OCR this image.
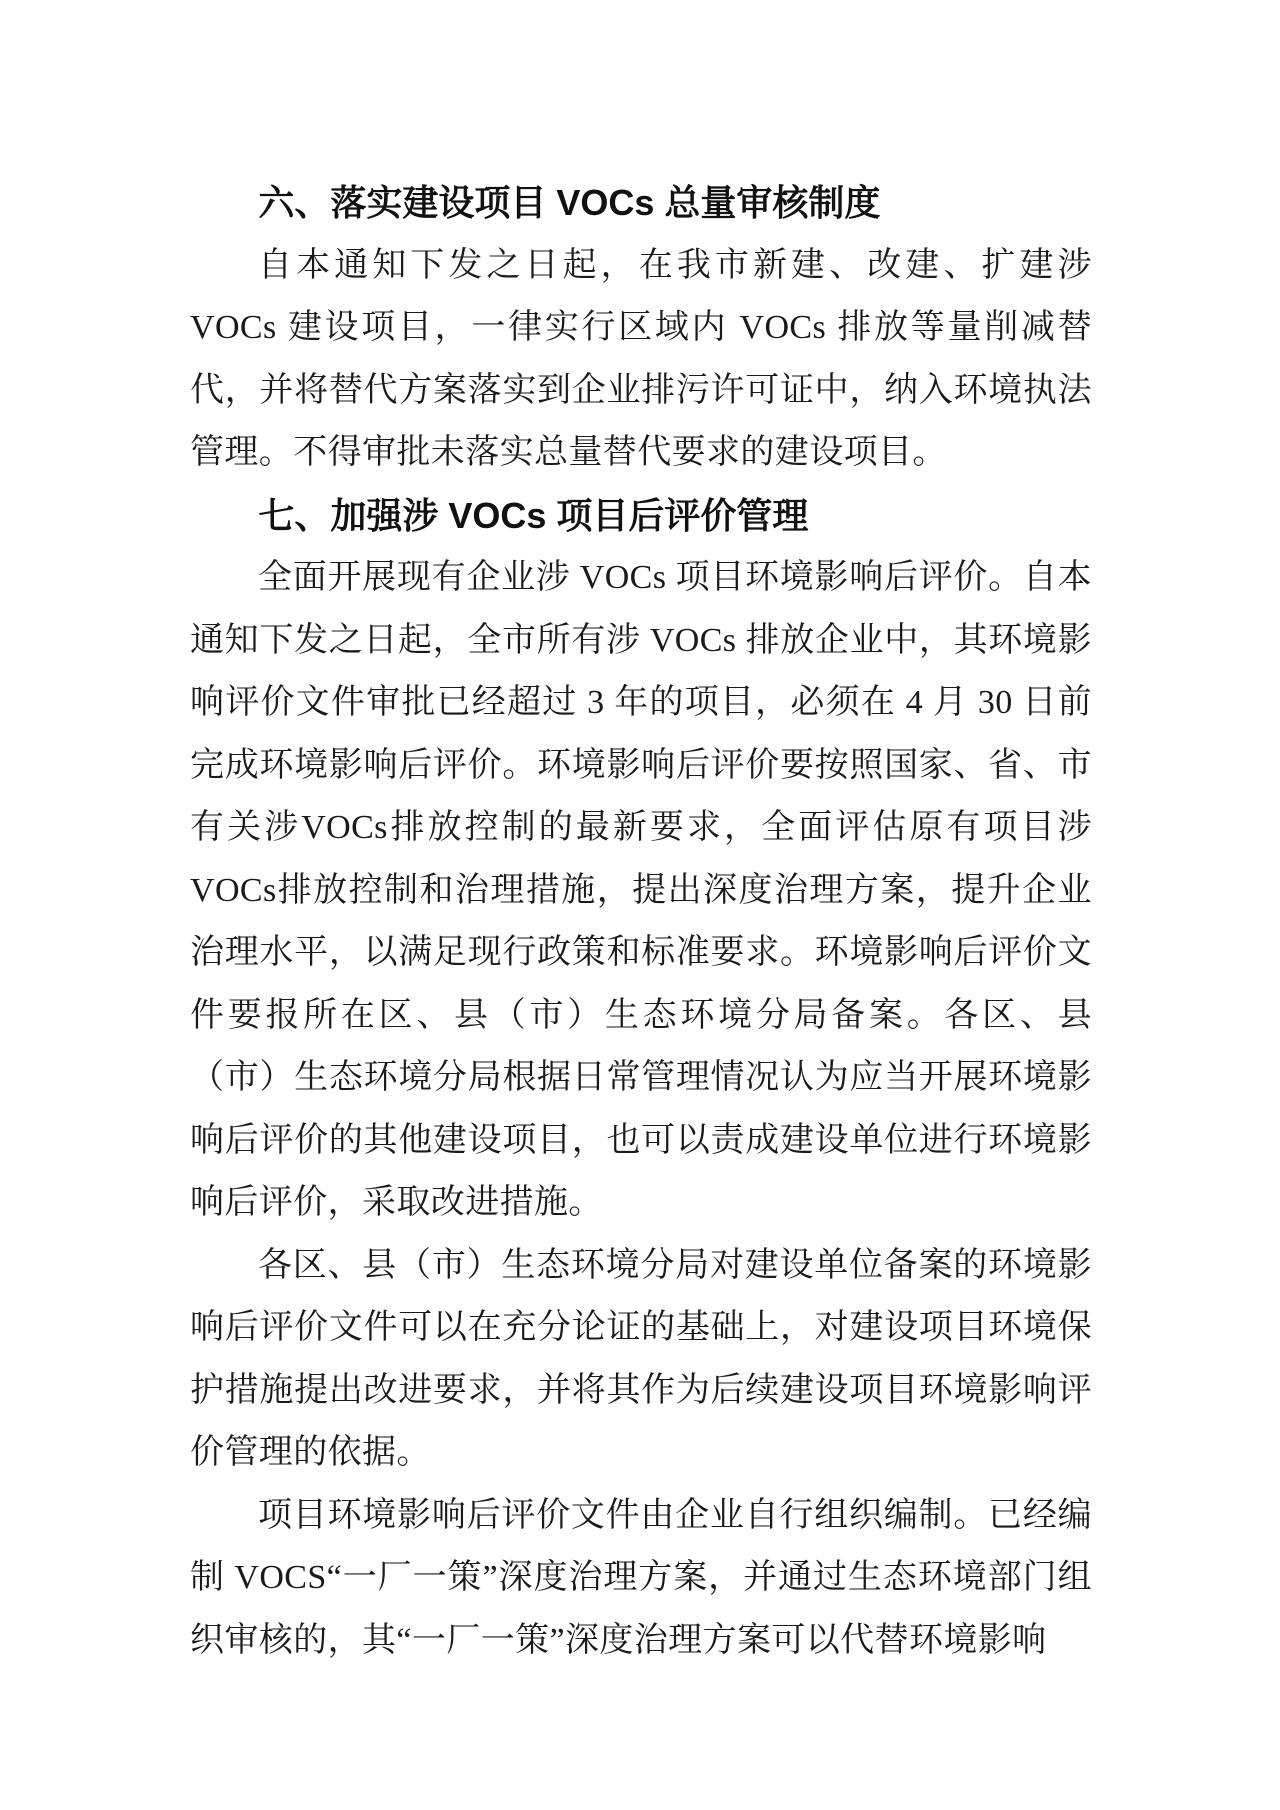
六、落实建设项目 VOCs 总量审核制度

自本通知下发之日起，在我市新建、改建、扩建涉 VOCs 建设项目，一律实行区域内 VOCs 排放等量削减替代，并将替代方案落实到企业排污许可证中，纳入环境执法管理。不得审批未落实总量替代要求的建设项目。

七、加强涉 VOCs 项目后评价管理

全面开展现有企业涉 VOCs 项目环境影响后评价。自本通知下发之日起，全市所有涉 VOCs 排放企业中，其环境影响评价文件审批已经超过 3 年的项目，必须在 4 月 30 日前完成环境影响后评价。环境影响后评价要按照国家、省、市有关涉VOCs排放控制的最新要求，全面评估原有项目涉VOCs排放控制和治理措施，提出深度治理方案，提升企业治理水平，以满足现行政策和标准要求。环境影响后评价文件要报所在区、县（市）生态环境分局备案。各区、县（市）生态环境分局根据日常管理情况认为应当开展环境影响后评价的其他建设项目，也可以责成建设单位进行环境影响后评价，采取改进措施。

各区、县（市）生态环境分局对建设单位备案的环境影响后评价文件可以在充分论证的基础上，对建设项目环境保护措施提出改进要求，并将其作为后续建设项目环境影响评价管理的依据。

项目环境影响后评价文件由企业自行组织编制。已经编制 VOCS“一厂一策”深度治理方案，并通过生态环境部门组织审核的，其“一厂一策”深度治理方案可以代替环境影响
